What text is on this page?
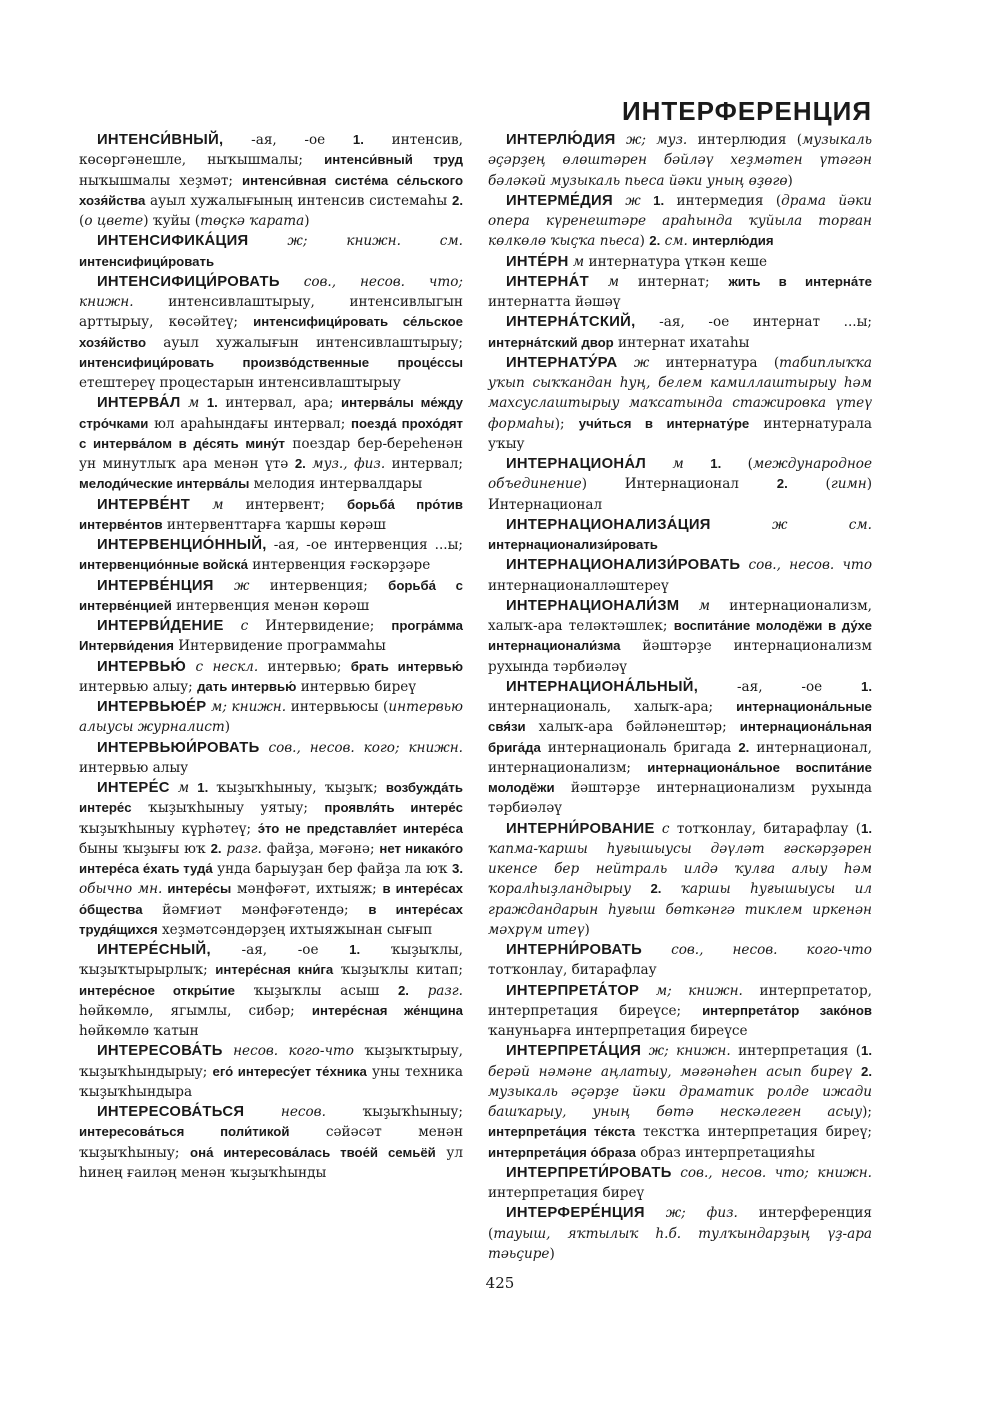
ИНТЕРФЕРЕНЦИЯ

ИНТЕНСИ́ВНЫЙ, -ая, -ое 1. интенсив, көсөргәнешле, ныҡышмалы; интенси́вный труд ныҡышмалы хеҙмәт; интенси́вная систе́ма се́льского хозя́йства ауыл хужалығының интенсив системаһы 2. (о цвете) ҡуйы (төҫкә ҡарата)

ИНТЕНСИФИКА́ЦИЯ ж; книжн. см. интенсифици́ровать

ИНТЕНСИФИЦИ́РОВАТЬ сов., несов. что; книжн. интенсивлаштырыу, интенсивлыгын арттырыу, көсәйтеү; интенсифици́ровать се́льское хозя́йство ауыл хужалығын интенсивлаштырыу; интенсифици́ровать произво́дственные проце́ссы етештереү процестарын интенсивлаштырыу

ИНТЕРВА́Л м 1. интервал, ара; интерва́лы ме́жду стро́чками юл араһындағы интервал; поезда́ прохо́дят с интерва́лом в де́сять мину́т поездар бер-береһенән ун минутлыҡ ара менән үтә 2. муз., физ. интервал; мелоди́ческие интерва́лы мелодия интервалдары

ИНТЕРВЕ́НТ м интервент; борьба́ про́тив интерве́нтов интервенттарға ҡаршы көрәш

ИНТЕРВЕНЦИО́ННЫЙ, -ая, -ое интервенция ...ы; интервенцио́нные войска́ интервенция ғәскәрҙәре

ИНТЕРВЕ́НЦИЯ ж интервенция; борьба́ с интерве́нцией интервенция менән көрәш

ИНТЕРВИ́ДЕНИЕ с Интервидение; програ́мма Интерви́дения Интервидение программаһы

ИНТЕРВЬЮ́ с нескл. интервью; брать интервью́ интервью алыу; дать интервью́ интервью биреү

ИНТЕРВЬЮЕ́Р м; книжн. интервьюсы (интервью алыусы журналист)

ИНТЕРВЬЮИ́РОВАТЬ сов., несов. кого; книжн. интервью алыу

ИНТЕРЕ́С м 1. ҡыҙыҡһыныу, ҡыҙыҡ; возбужда́ть интере́с ҡыҙыҡһыныу уятыу; проявля́ть интере́с ҡыҙыҡһыныу күрһәтеү; э́то не представля́ет интере́са быны ҡыҙығы юҡ 2. разг. файҙа, мәғәнә; нет никако́го интере́са е́хать туда́ унда барыуҙан бер файҙа ла юҡ 3. обычно мн. интере́сы мәнфәғәт, ихтыяж; в интере́сах о́бщества йәмғиәт мәнфәғәтендә; в интере́сах трудя́щихся хеҙмәтсәндәрҙең ихтыяжынан сығып

ИНТЕРЕ́СНЫЙ, -ая, -ое 1. ҡыҙыҡлы, ҡыҙыҡтырырлыҡ; интере́сная кни́га ҡыҙыҡлы китап; интере́сное откры́тие ҡыҙыҡлы асыш 2. разг. һөйкөмлө, ягымлы, сибәр; интере́сная же́нщина һөйкөмлө ҡатын

ИНТЕРЕСОВА́ТЬ несов. кого-что ҡыҙыҡтырыу, ҡыҙыҡһындырыу; его́ интересу́ет те́хника уны техника ҡыҙыҡһындыра

ИНТЕРЕСОВА́ТЬСЯ несов. ҡыҙыҡһыныу; интересова́ться поли́тикой сәйәсәт менән ҡыҙыҡһыныу; она́ интересова́лась твое́й семьёй ул һинең ғаиләң менән ҡыҙыҡһынды

ИНТЕРЛЮ́ДИЯ ж; муз. интерлюдия (музыкаль әҫәрҙең өлөштәрен бәйләү хеҙмәтен үтәгән бәләкәй музыкаль пьеса йәки уның өҙөгө)

ИНТЕРМЕ́ДИЯ ж 1. интермедия (драма йәки опера күренештәре араһында ҡуйыла торған көлкөлө ҡыҫҡа пьеса) 2. см. интерлю́дия

ИНТЕ́РН м интернатура үткән кеше

ИНТЕРНА́Т м интернат; жить в интерна́те интернатта йәшәү

ИНТЕРНА́ТСКИЙ, -ая, -ое интернат ...ы; интерна́тский двор интернат ихатаһы

ИНТЕРНАТУ́РА ж интернатура (табиплыҡҡа уҡып сыҡҡандан һуң, белем камиллаштырыу һәм махсуслаштырыу маҡсатында стажировка үтеү формаһы); учи́ться в интернату́ре интернатурала уҡыу

ИНТЕРНАЦИОНА́Л м 1. (международное объединение) Интернационал 2. (гимн) Интернационал

ИНТЕРНАЦИОНАЛИЗА́ЦИЯ ж см. интернационализи́ровать

ИНТЕРНАЦИОНАЛИЗИ́РОВАТЬ сов., несов. что интернационалләштереү

ИНТЕРНАЦИОНАЛИ́ЗМ м интернационализм, халыҡ-ара теләктәшлек; воспита́ние молодёжи в ду́хе интернационали́зма йәштәрҙе интернационализм рухында тәрбиәләү

ИНТЕРНАЦИОНА́ЛЬНЫЙ, -ая, -ое 1. интернациональ, халыҡ-ара; интернациона́льные свя́зи халыҡ-ара бәйләнештәр; интернациона́льная брига́да интернациональ бригада 2. интернационал, интернационализм; интернациона́льное воспита́ние молодёжи йәштәрҙе интернационализм рухында тәрбиәләү

ИНТЕРНИ́РОВАНИЕ с тотҡонлау, битарафлау (1. ҡапма-ҡаршы һуғышыусы дәүләт ғәскәрҙәрен икенсе бер нейтраль илдә ҡулға алыу һәм ҡоралһыҙландырыу 2. ҡаршы һуғышыусы ил граждандарын һуғыш бөткәнгә тиклем иркенән мәхрүм итеү)

ИНТЕРНИ́РОВАТЬ сов., несов. кого-что тотҡонлау, битарафлау

ИНТЕРПРЕТА́ТОР м; книжн. интерпретатор, интерпретация биреүсе; интерпрета́тор зако́нов ҡануньарға интерпретация биреүсе

ИНТЕРПРЕТА́ЦИЯ ж; книжн. интерпретация (1. берәй нәмәне аңлатыу, мәғәнәһен асып биреү 2. музыкаль әҫәрҙе йәки драматик ролде ижади башҡарыу, уның бөтә нескәлеген асыу); интерпрета́ция те́кста текстҡа интерпретация биреү; интерпрета́ция о́браза образ интерпретацияһы

ИНТЕРПРЕТИ́РОВАТЬ сов., несов. что; книжн. интерпретация биреү

ИНТЕРФЕРЕ́НЦИЯ ж; физ. интерференция (тауыш, яҡтылыҡ һ.б. тулҡындарҙың үҙ-ара тәьҫире)

425
